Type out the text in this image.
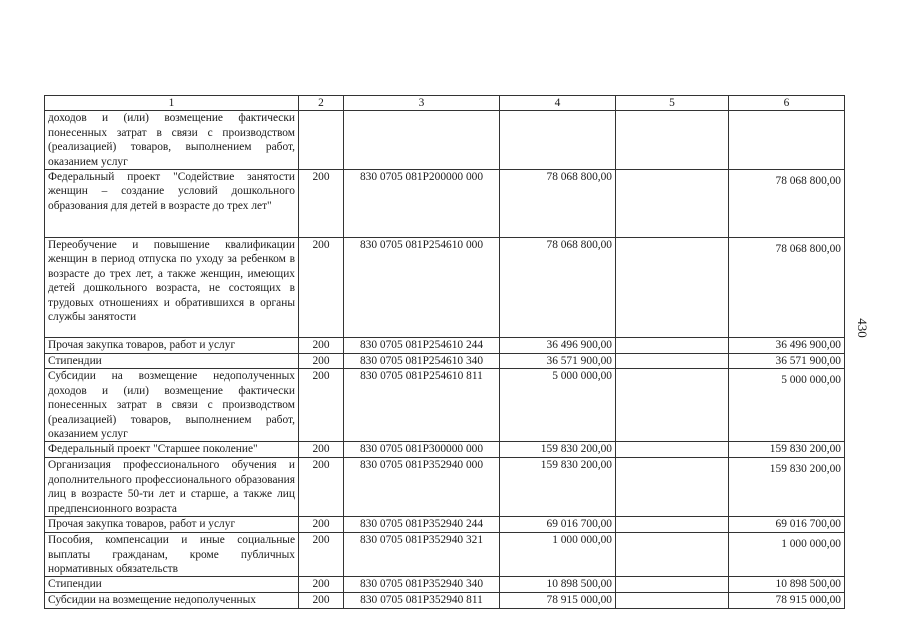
1	2	3	4	5	6
доходов и (или) возмещение фактически понесенных затрат в связи с производством (реализацией) товаров, выполнением работ, оказанием услуг					
Федеральный проект "Содействие занятости женщин – создание условий дошкольного образования для детей в возрасте до трех лет"	200	830 0705 081P200000 000	78 068 800,00		78 068 800,00
Переобучение и повышение квалификации женщин в период отпуска по уходу за ребенком в возрасте до трех лет, а также женщин, имеющих детей дошкольного возраста, не состоящих в трудовых отношениях и обратившихся в органы службы занятости	200	830 0705 081P254610 000	78 068 800,00		78 068 800,00
Прочая закупка товаров, работ и услуг	200	830 0705 081P254610 244	36 496 900,00		36 496 900,00
Стипендии	200	830 0705 081P254610 340	36 571 900,00		36 571 900,00
Субсидии на возмещение недополученных доходов и (или) возмещение фактически понесенных затрат в связи с производством (реализацией) товаров, выполнением работ, оказанием услуг	200	830 0705 081P254610 811	5 000 000,00		5 000 000,00
Федеральный проект "Старшее поколение"	200	830 0705 081P300000 000	159 830 200,00		159 830 200,00
Организация профессионального обучения и дополнительного профессионального образования лиц в возрасте 50-ти лет и старше, а также лиц предпенсионного возраста	200	830 0705 081P352940 000	159 830 200,00		159 830 200,00
Прочая закупка товаров, работ и услуг	200	830 0705 081P352940 244	69 016 700,00		69 016 700,00
Пособия, компенсации и иные социальные выплаты гражданам, кроме публичных нормативных обязательств	200	830 0705 081P352940 321	1 000 000,00		1 000 000,00
Стипендии	200	830 0705 081P352940 340	10 898 500,00		10 898 500,00
Субсидии на возмещение недополученных	200	830 0705 081P352940 811	78 915 000,00		78 915 000,00
430
